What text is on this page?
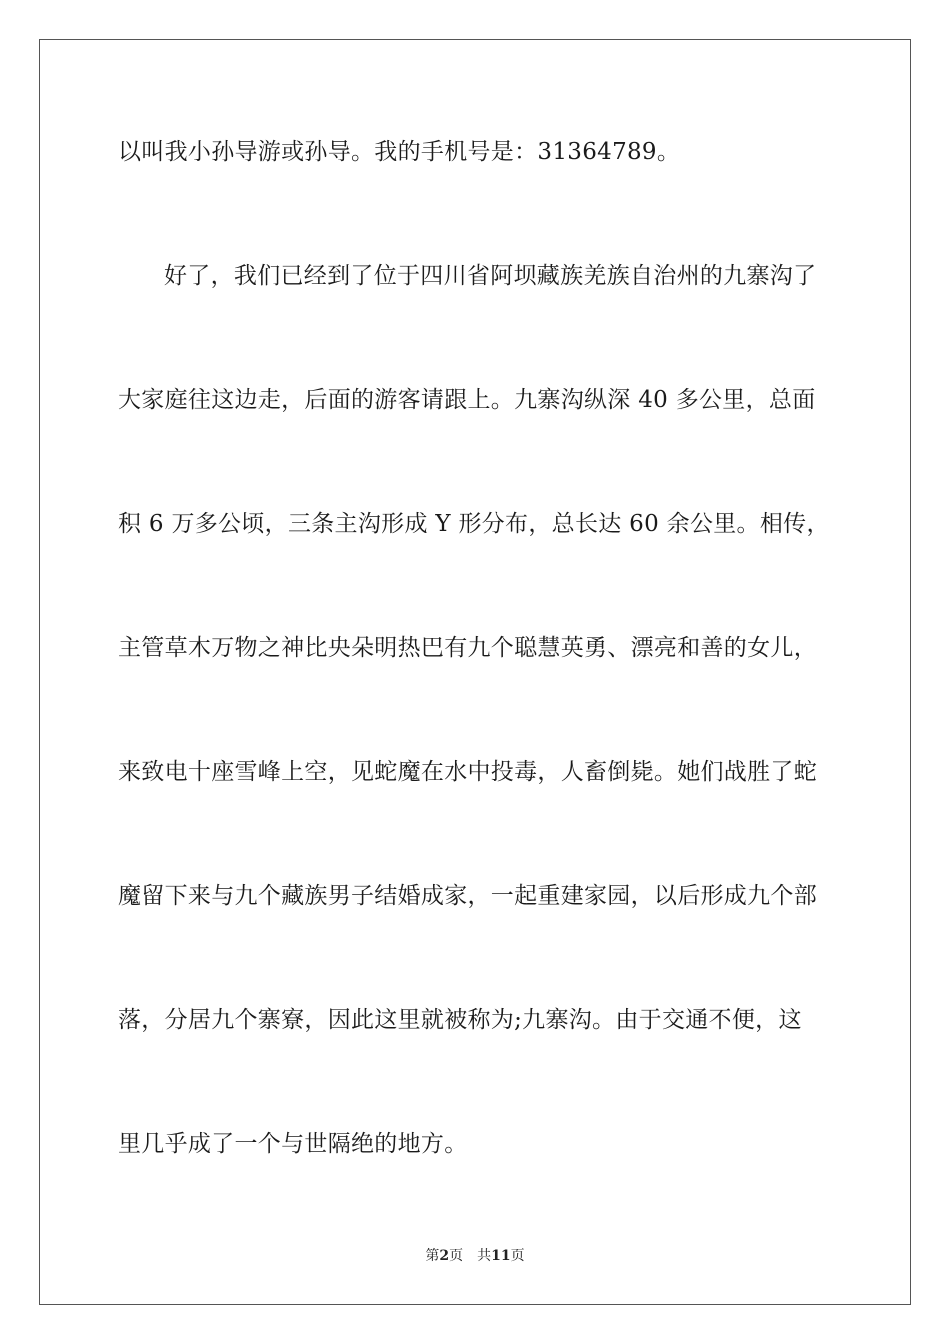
以叫我小孙导游或孙导。我的手机号是：31364789。
好了，我们已经到了位于四川省阿坝藏族羌族自治州的九寨沟了
大家庭往这边走，后面的游客请跟上。九寨沟纵深 40 多公里，总面
积 6 万多公顷，三条主沟形成 Y 形分布，总长达 60 余公里。相传，
主管草木万物之神比央朵明热巴有九个聪慧英勇、漂亮和善的女儿，
来致电十座雪峰上空，见蛇魔在水中投毒，人畜倒毙。她们战胜了蛇
魔留下来与九个藏族男子结婚成家，一起重建家园，以后形成九个部
落，分居九个寨寮，因此这里就被称为;九寨沟。由于交通不便，这
里几乎成了一个与世隔绝的地方。
第2页 共11页
